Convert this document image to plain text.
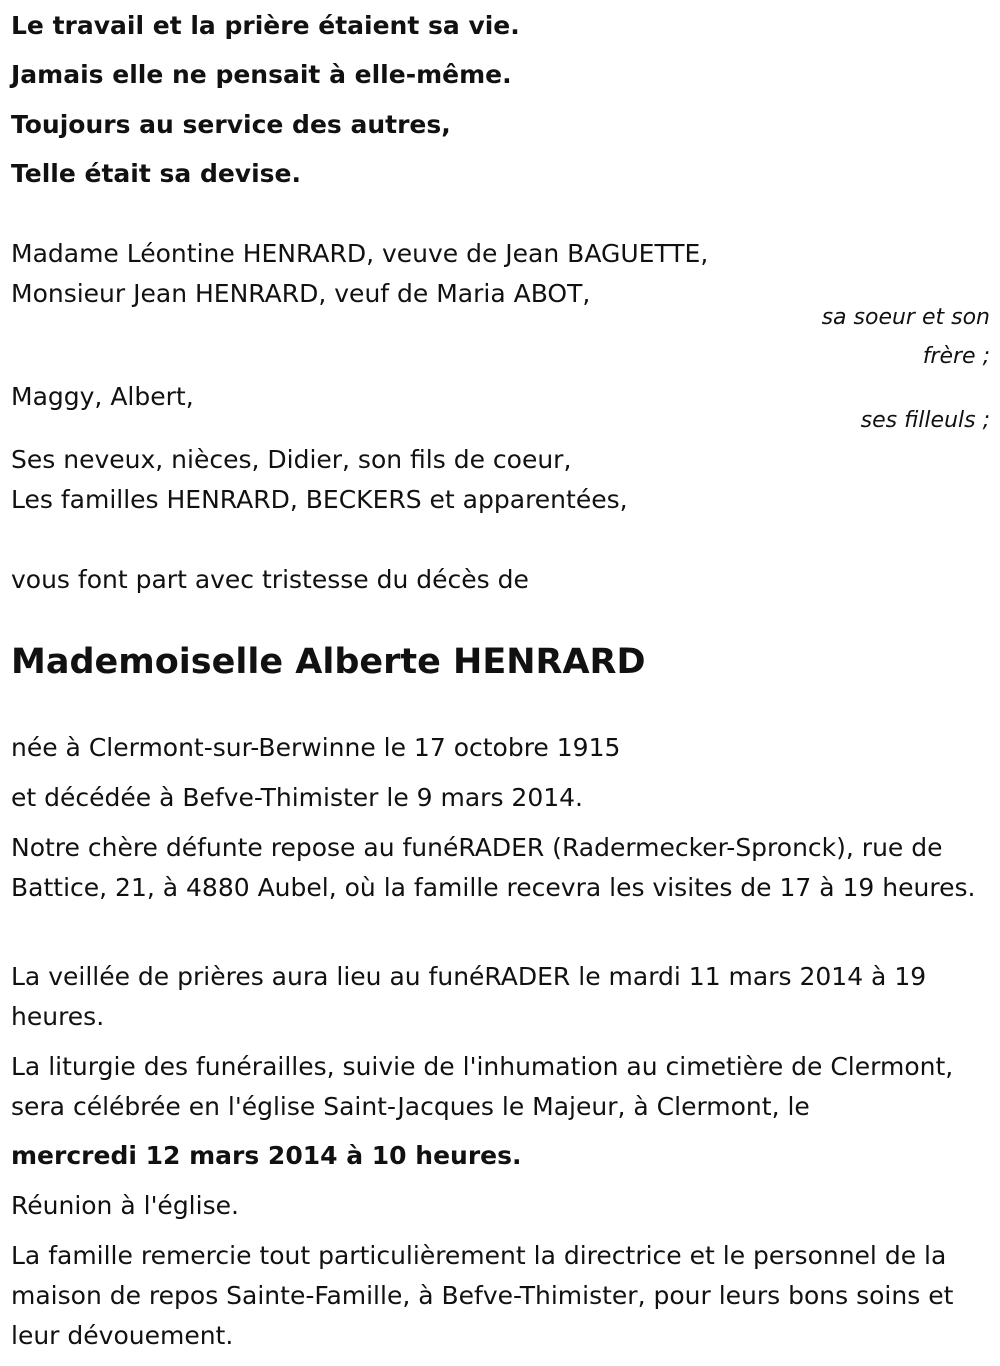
Le travail et la prière étaient sa vie.

Jamais elle ne pensait à elle-même.

Toujours au service des autres,

Telle était sa devise.

Madame Léontine HENRARD, veuve de Jean BAGUETTE,

Monsieur Jean HENRARD, veuf de Maria ABOT,

sa soeur et son

frère ;

Maggy, Albert,

ses filleuls ;

Ses neveux, nièces, Didier, son fils de coeur,

Les familles HENRARD, BECKERS et apparentées,

vous font part avec tristesse du décès de

Mademoiselle Alberte HENRARD

née à Clermont-sur-Berwinne le 17 octobre 1915

et décédée à Befve-Thimister le 9 mars 2014.

Notre chère défunte repose au funéRADER (Radermecker-Spronck), rue de Battice, 21, à 4880 Aubel, où la famille recevra les visites de 17 à 19 heures.

La veillée de prières aura lieu au funéRADER le mardi 11 mars 2014 à 19 heures.

La liturgie des funérailles, suivie de l'inhumation au cimetière de Clermont, sera célébrée en l'église Saint-Jacques le Majeur, à Clermont, le

mercredi 12 mars 2014 à 10 heures.

Réunion à l'église.

La famille remercie tout particulièrement la directrice et le personnel de la maison de repos Sainte-Famille, à Befve-Thimister, pour leurs bons soins et leur dévouement.
